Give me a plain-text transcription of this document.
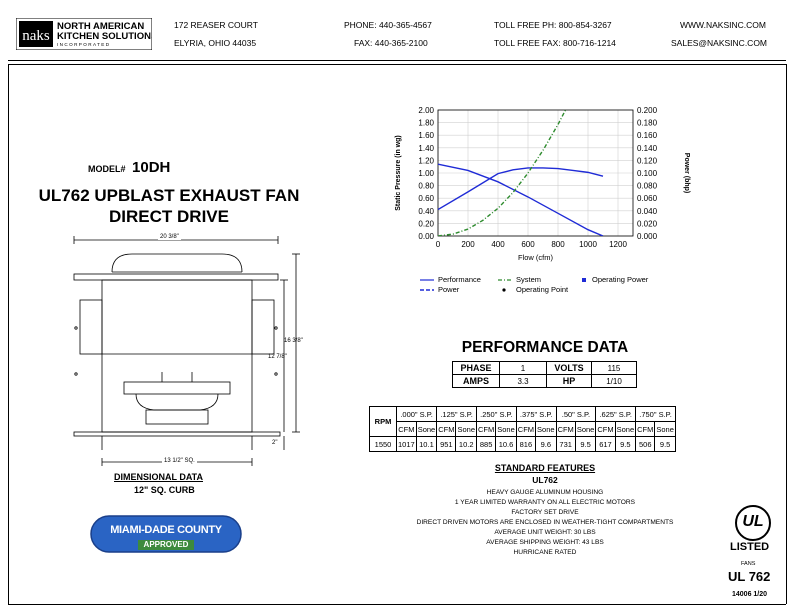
naks
NORTH AMERICAN
KITCHEN SOLUTIONS
INCORPORATED
172 REASER COURT
ELYRIA, OHIO 44035
PHONE: 440-365-4567
FAX: 440-365-2100
TOLL FREE PH: 800-854-3267
TOLL FREE FAX: 800-716-1214
WWW.NAKSINC.COM
SALES@NAKSINC.COM
MODEL# 10DH
UL762 UPBLAST EXHAUST FAN
DIRECT DRIVE
20 3/8"
16 3/8"
12 7/8"
2"
13 1/2" SQ.
DIMENSIONAL DATA
12" SQ. CURB
MIAMI-DADE COUNTY
APPROVED
0.00
0.20
0.40
0.60
0.80
1.00
1.20
1.40
1.60
1.80
2.00
0.000
0.020
0.040
0.060
0.080
0.100
0.120
0.140
0.160
0.180
0.200
0	200 400 600 800 1000 1200
Flow (cfm)
Static Pressure (in wg)	Power (bhp)
Performance	System	Operating Power
Power	Operating Point
PERFORMANCE DATA
PHASE	1	VOLTS	115
AMPS	3.3	HP	1/10
RPM	.000" S.P.		.125" S.P.		.250" S.P.		.375" S.P.		.50" S.P.		.625" S.P.		.750" S.P.	
	CFM	Sone	CFM	Sone	CFM	Sone	CFM	Sone	CFM	Sone	CFM	Sone	CFM	Sone
1550	1017	10.1	951	10.2	885	10.6	816	9.6	731	9.5	617	9.5	506	9.5
STANDARD FEATURES
UL762
HEAVY GAUGE ALUMINUM HOUSING
1 YEAR LIMITED WARRANTY ON ALL ELECTRIC MOTORS
FACTORY SET DRIVE
DIRECT DRIVEN MOTORS ARE ENCLOSED IN WEATHER-TIGHT COMPARTMENTS
AVERAGE UNIT WEIGHT: 30 LBS
AVERAGE SHIPPING WEIGHT: 43 LBS
HURRICANE RATED
UL
LISTED
FANS
UL 762
14006 1/20
